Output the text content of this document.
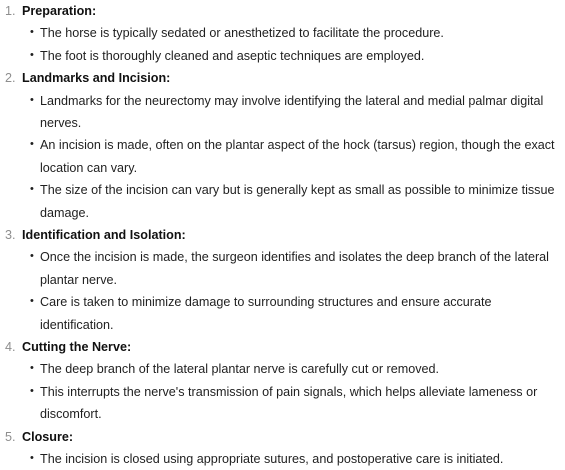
1. Preparation:
• The horse is typically sedated or anesthetized to facilitate the procedure.
• The foot is thoroughly cleaned and aseptic techniques are employed.
2. Landmarks and Incision:
• Landmarks for the neurectomy may involve identifying the lateral and medial palmar digital nerves.
• An incision is made, often on the plantar aspect of the hock (tarsus) region, though the exact location can vary.
• The size of the incision can vary but is generally kept as small as possible to minimize tissue damage.
3. Identification and Isolation:
• Once the incision is made, the surgeon identifies and isolates the deep branch of the lateral plantar nerve.
• Care is taken to minimize damage to surrounding structures and ensure accurate identification.
4. Cutting the Nerve:
• The deep branch of the lateral plantar nerve is carefully cut or removed.
• This interrupts the nerve's transmission of pain signals, which helps alleviate lameness or discomfort.
5. Closure:
• The incision is closed using appropriate sutures, and postoperative care is initiated.
